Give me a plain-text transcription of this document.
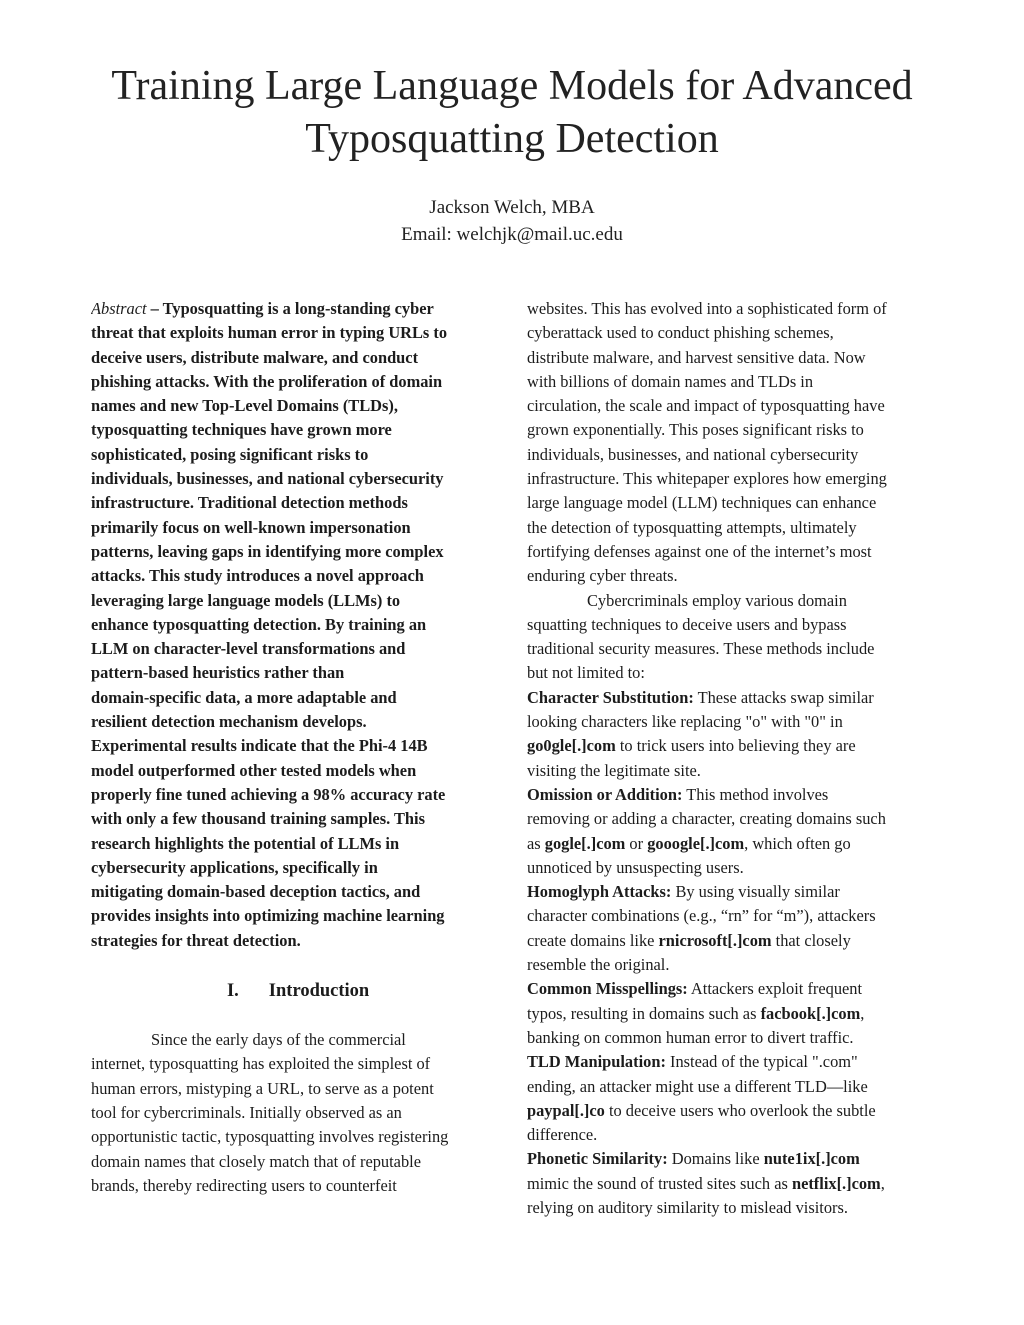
Training Large Language Models for Advanced
Typosquatting Detection
Jackson Welch, MBA
Email: welchjk@mail.uc.edu
Abstract – Typosquatting is a long-standing cyber
threat that exploits human error in typing URLs to
deceive users, distribute malware, and conduct
phishing attacks. With the proliferation of domain
names and new Top-Level Domains (TLDs),
typosquatting techniques have grown more
sophisticated, posing significant risks to
individuals, businesses, and national cybersecurity
infrastructure. Traditional detection methods
primarily focus on well-known impersonation
patterns, leaving gaps in identifying more complex
attacks. This study introduces a novel approach
leveraging large language models (LLMs) to
enhance typosquatting detection. By training an
LLM on character-level transformations and
pattern-based heuristics rather than
domain-specific data, a more adaptable and
resilient detection mechanism develops.
Experimental results indicate that the Phi-4 14B
model outperformed other tested models when
properly fine tuned achieving a 98% accuracy rate
with only a few thousand training samples. This
research highlights the potential of LLMs in
cybersecurity applications, specifically in
mitigating domain-based deception tactics, and
provides insights into optimizing machine learning
strategies for threat detection.
I. Introduction
Since the early days of the commercial
internet, typosquatting has exploited the simplest of
human errors, mistyping a URL, to serve as a potent
tool for cybercriminals. Initially observed as an
opportunistic tactic, typosquatting involves registering
domain names that closely match that of reputable
brands, thereby redirecting users to counterfeit
websites. This has evolved into a sophisticated form of
cyberattack used to conduct phishing schemes,
distribute malware, and harvest sensitive data. Now
with billions of domain names and TLDs in
circulation, the scale and impact of typosquatting have
grown exponentially. This poses significant risks to
individuals, businesses, and national cybersecurity
infrastructure. This whitepaper explores how emerging
large language model (LLM) techniques can enhance
the detection of typosquatting attempts, ultimately
fortifying defenses against one of the internet’s most
enduring cyber threats.
Cybercriminals employ various domain
squatting techniques to deceive users and bypass
traditional security measures. These methods include
but not limited to:
Character Substitution: These attacks swap similar
looking characters like replacing "o" with "0" in
go0gle[.]com to trick users into believing they are
visiting the legitimate site.
Omission or Addition: This method involves
removing or adding a character, creating domains such
as gogle[.]com or gooogle[.]com, which often go
unnoticed by unsuspecting users.
Homoglyph Attacks: By using visually similar
character combinations (e.g., “rn” for “m”), attackers
create domains like rnicrosoft[.]com that closely
resemble the original.
Common Misspellings: Attackers exploit frequent
typos, resulting in domains such as facbook[.]com,
banking on common human error to divert traffic.
TLD Manipulation: Instead of the typical ".com"
ending, an attacker might use a different TLD—like
paypal[.]co to deceive users who overlook the subtle
difference.
Phonetic Similarity: Domains like nute1ix[.]com
mimic the sound of trusted sites such as netflix[.]com,
relying on auditory similarity to mislead visitors.
